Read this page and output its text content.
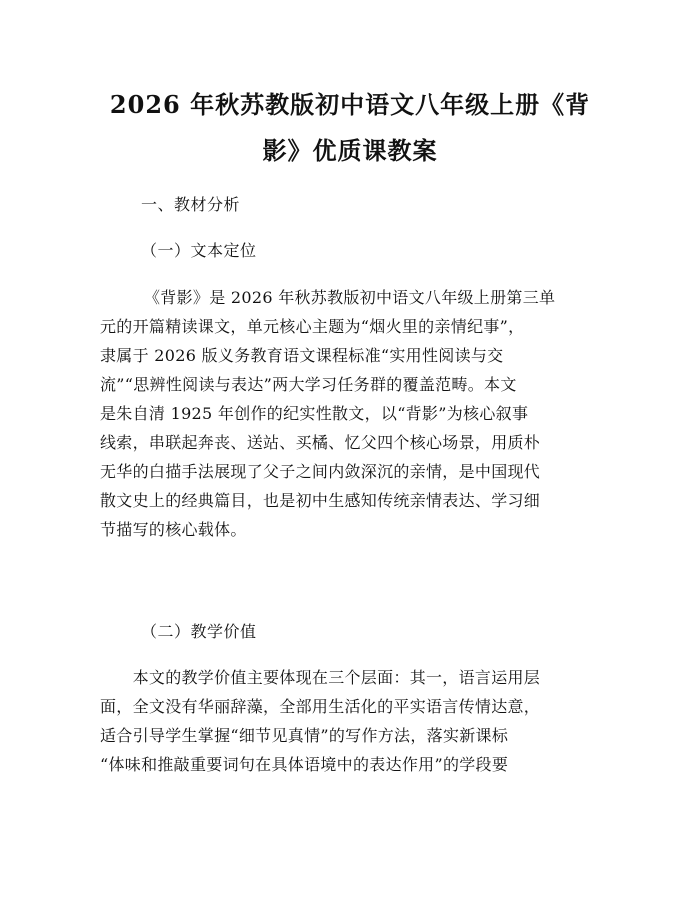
2026 年秋苏教版初中语文八年级上册《背影》优质课教案
一、教材分析
（一）文本定位
《背影》是 2026 年秋苏教版初中语文八年级上册第三单
元的开篇精读课文，单元核心主题为“烟火里的亲情纪事”，
隶属于 2026 版义务教育语文课程标准“实用性阅读与交
流”“思辨性阅读与表达”两大学习任务群的覆盖范畴。本文
是朱自清 1925 年创作的纪实性散文，以“背影”为核心叙事
线索，串联起奔丧、送站、买橘、忆父四个核心场景，用质朴
无华的白描手法展现了父子之间内敛深沉的亲情，是中国现代
散文史上的经典篇目，也是初中生感知传统亲情表达、学习细
节描写的核心载体。
（二）教学价值
　　本文的教学价值主要体现在三个层面：其一，语言运用层
面，全文没有华丽辞藻，全部用生活化的平实语言传情达意，
适合引导学生掌握“细节见真情”的写作方法，落实新课标
“体味和推敲重要词句在具体语境中的表达作用”的学段要
